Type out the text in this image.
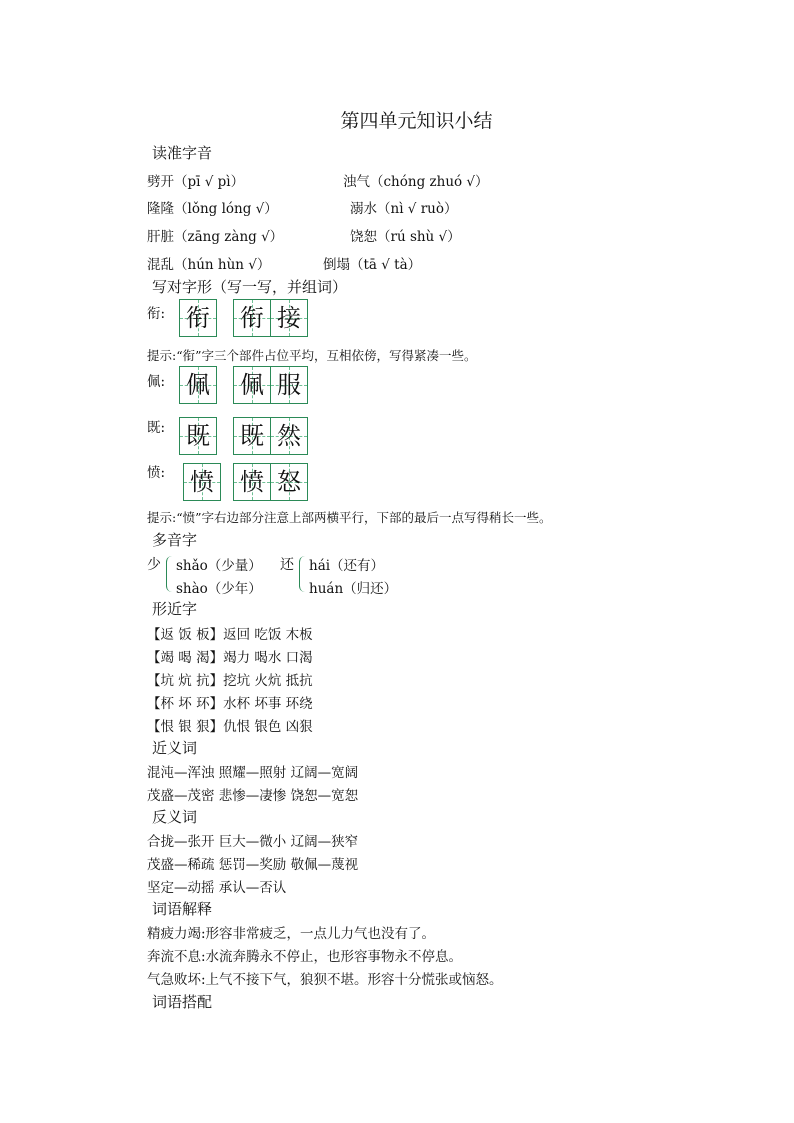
第四单元知识小结
读准字音
劈开（pī √ pì）	浊气（chóng zhuó √）
隆隆（lǒng lóng √）	溺水（nì √ ruò）
肝脏（zāng zàng √）	饶恕（rú shù √）
混乱（hún hùn √）	倒塌（tā √ tà）
写对字形（写一写，并组词）
衔: 衔 衔 接
提示:“衔”字三个部件占位平均，互相依傍，写得紧凑一些。
佩: 佩 佩 服
既: 既 既 然
愤: 愤 愤 怒
提示:“愤”字右边部分注意上部两横平行，下部的最后一点写得稍长一些。
多音字
少 shǎo（少量）
shào（少年）
还 hái（还有）
huán（归还）
形近字
【返 饭 板】返回 吃饭 木板
【竭 喝 渴】竭力 喝水 口渴
【坑 炕 抗】挖坑 火炕 抵抗
【杯 坏 环】水杯 坏事 环绕
【恨 银 狠】仇恨 银色 凶狠
近义词
混沌—浑浊 照耀—照射 辽阔—宽阔
茂盛—茂密 悲惨—凄惨 饶恕—宽恕
反义词
合拢—张开 巨大—微小 辽阔—狭窄
茂盛—稀疏 惩罚—奖励 敬佩—蔑视
坚定—动摇 承认—否认
词语解释
精疲力竭:形容非常疲乏，一点儿力气也没有了。
奔流不息:水流奔腾永不停止，也形容事物永不停息。
气急败坏:上气不接下气，狼狈不堪。形容十分慌张或恼怒。
词语搭配
